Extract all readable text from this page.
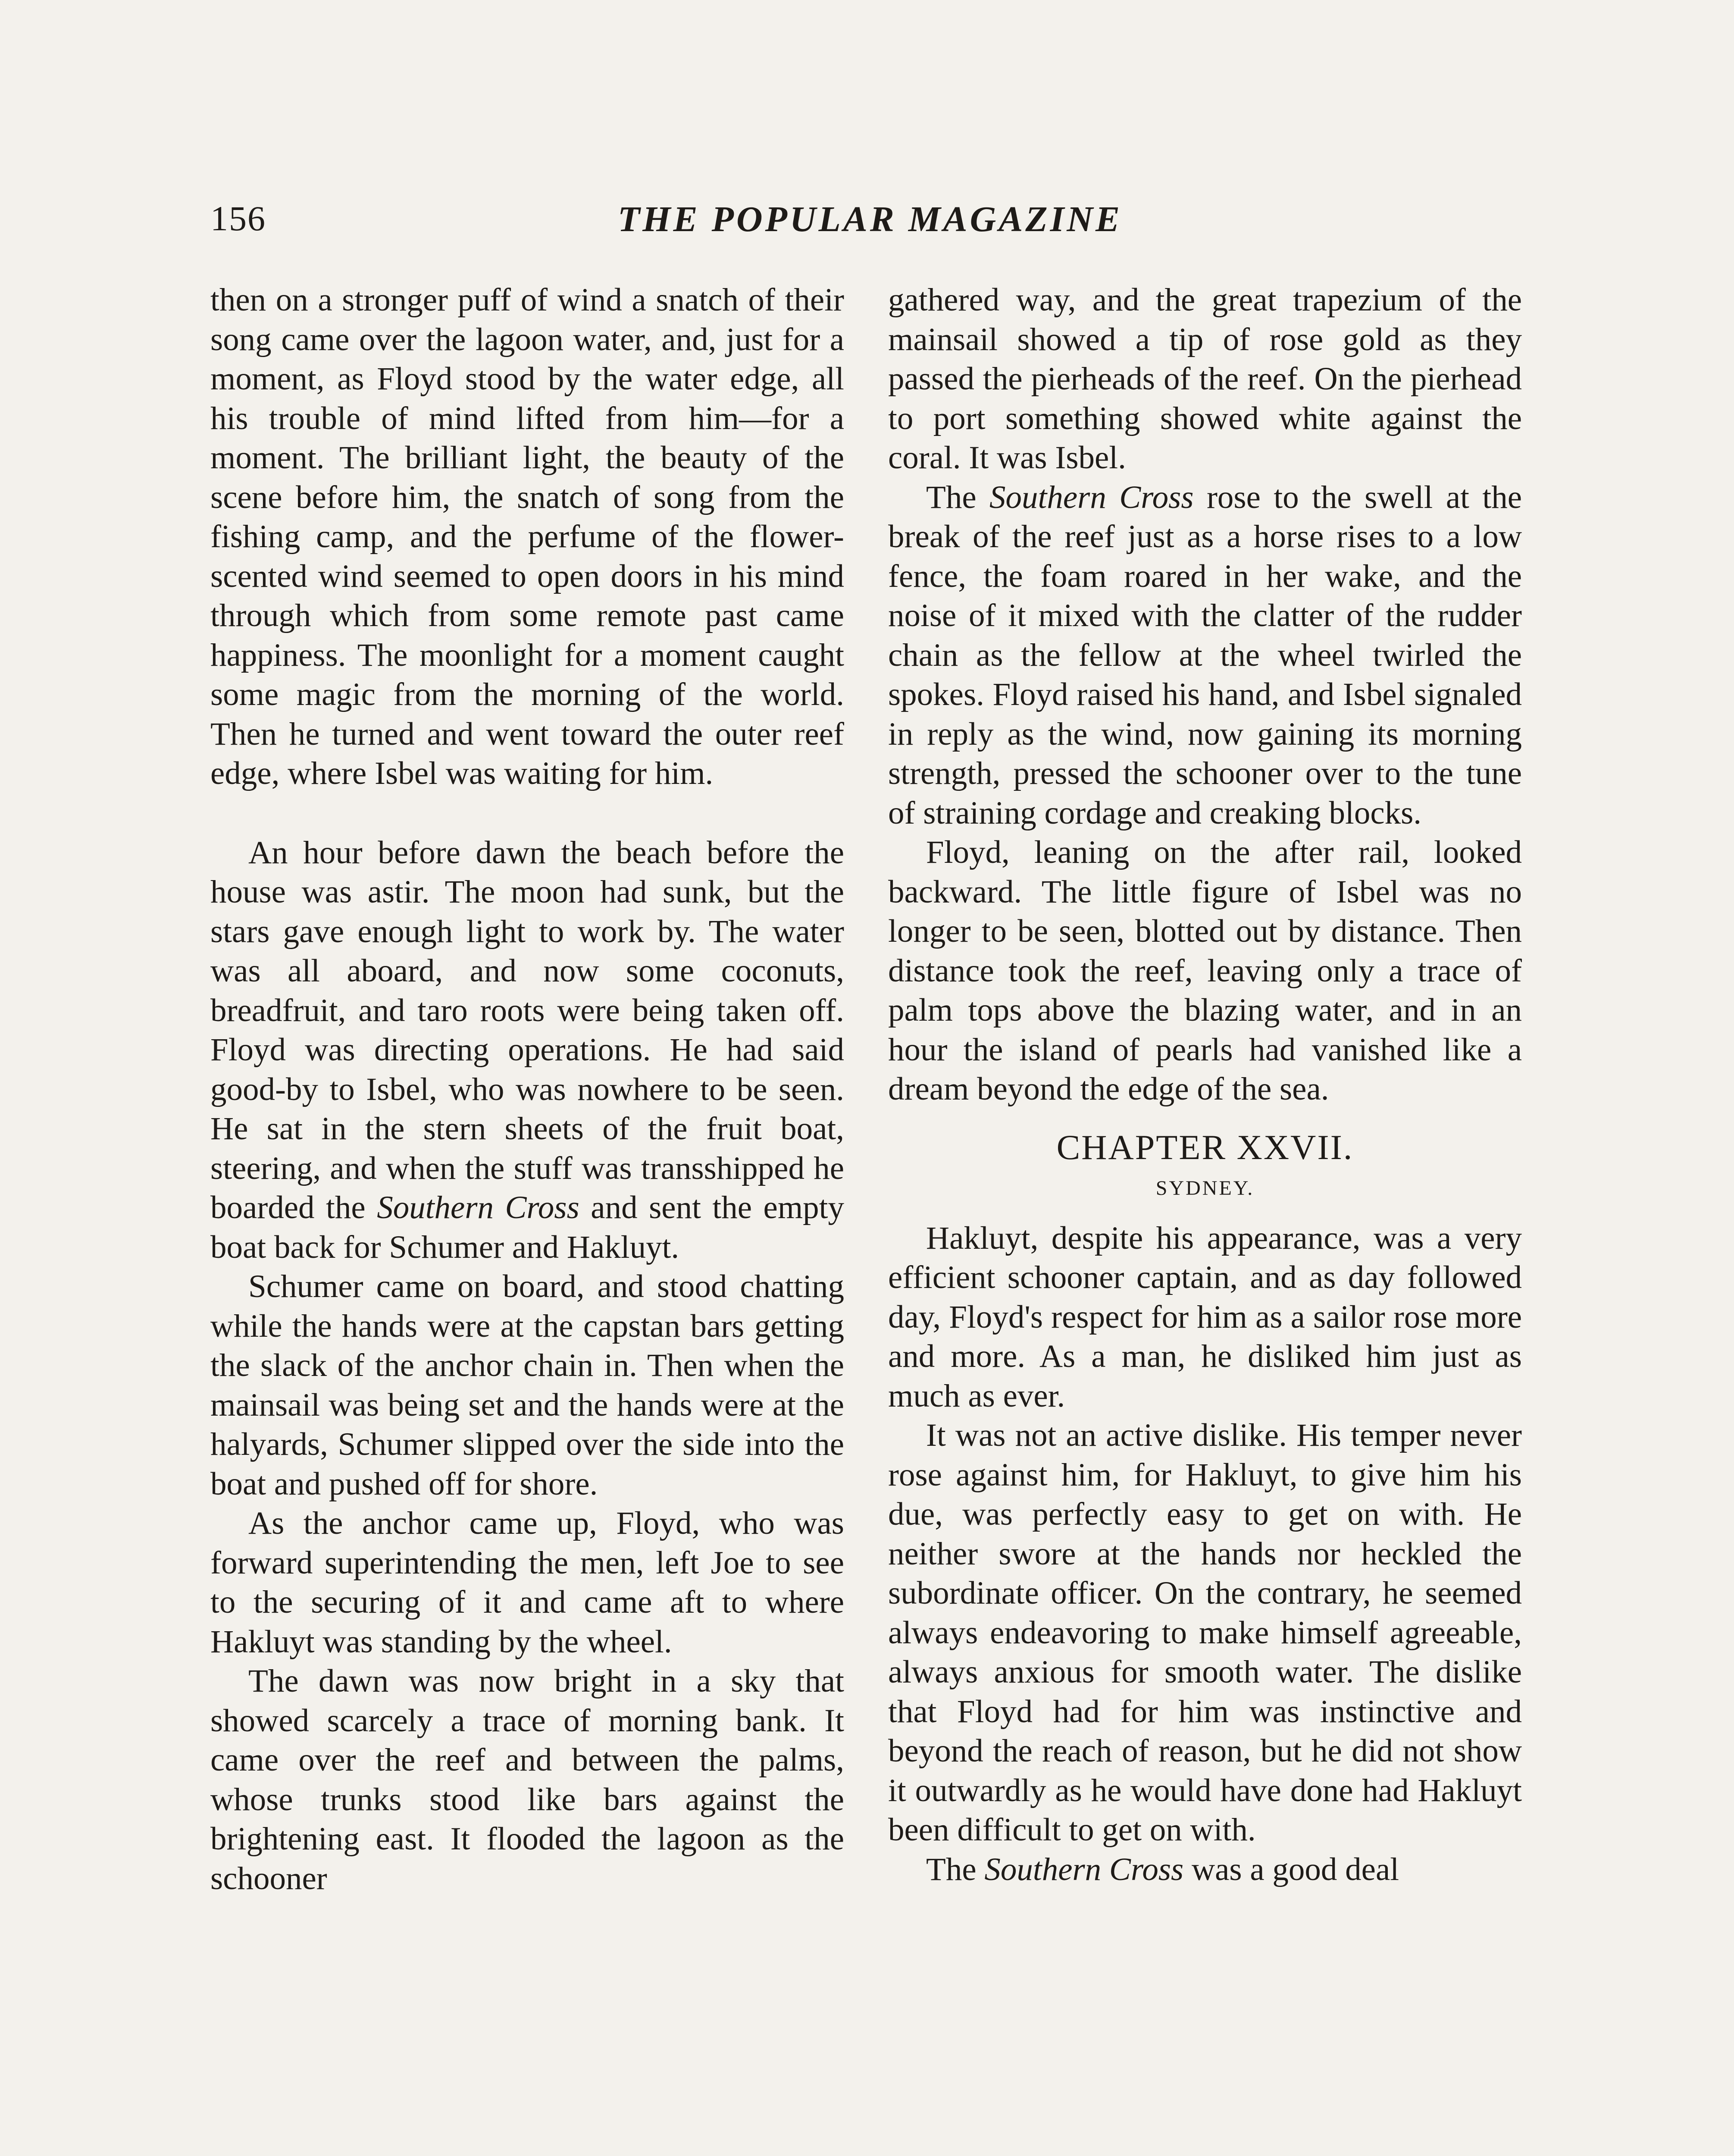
156	THE POPULAR MAGAZINE

then on a stronger puff of wind a snatch of their song came over the lagoon water, and, just for a moment, as Floyd stood by the water edge, all his trouble of mind lifted from him—for a moment. The brilliant light, the beauty of the scene before him, the snatch of song from the fishing camp, and the perfume of the flower-scented wind seemed to open doors in his mind through which from some remote past came happiness. The moonlight for a moment caught some magic from the morning of the world. Then he turned and went toward the outer reef edge, where Isbel was waiting for him.

An hour before dawn the beach before the house was astir. The moon had sunk, but the stars gave enough light to work by. The water was all aboard, and now some coconuts, breadfruit, and taro roots were being taken off. Floyd was directing operations. He had said good-by to Isbel, who was nowhere to be seen. He sat in the stern sheets of the fruit boat, steering, and when the stuff was transshipped he boarded the Southern Cross and sent the empty boat back for Schumer and Hakluyt.

Schumer came on board, and stood chatting while the hands were at the capstan bars getting the slack of the anchor chain in. Then when the mainsail was being set and the hands were at the halyards, Schumer slipped over the side into the boat and pushed off for shore.

As the anchor came up, Floyd, who was forward superintending the men, left Joe to see to the securing of it and came aft to where Hakluyt was standing by the wheel.

The dawn was now bright in a sky that showed scarcely a trace of morning bank. It came over the reef and between the palms, whose trunks stood like bars against the brightening east. It flooded the lagoon as the schooner

gathered way, and the great trapezium of the mainsail showed a tip of rose gold as they passed the pierheads of the reef. On the pierhead to port something showed white against the coral. It was Isbel.

The Southern Cross rose to the swell at the break of the reef just as a horse rises to a low fence, the foam roared in her wake, and the noise of it mixed with the clatter of the rudder chain as the fellow at the wheel twirled the spokes. Floyd raised his hand, and Isbel signaled in reply as the wind, now gaining its morning strength, pressed the schooner over to the tune of straining cordage and creaking blocks.

Floyd, leaning on the after rail, looked backward. The little figure of Isbel was no longer to be seen, blotted out by distance. Then distance took the reef, leaving only a trace of palm tops above the blazing water, and in an hour the island of pearls had vanished like a dream beyond the edge of the sea.

CHAPTER XXVII.
SYDNEY.

Hakluyt, despite his appearance, was a very efficient schooner captain, and as day followed day, Floyd's respect for him as a sailor rose more and more. As a man, he disliked him just as much as ever.

It was not an active dislike. His temper never rose against him, for Hakluyt, to give him his due, was perfectly easy to get on with. He neither swore at the hands nor heckled the subordinate officer. On the contrary, he seemed always endeavoring to make himself agreeable, always anxious for smooth water. The dislike that Floyd had for him was instinctive and beyond the reach of reason, but he did not show it outwardly as he would have done had Hakluyt been difficult to get on with.

The Southern Cross was a good deal
